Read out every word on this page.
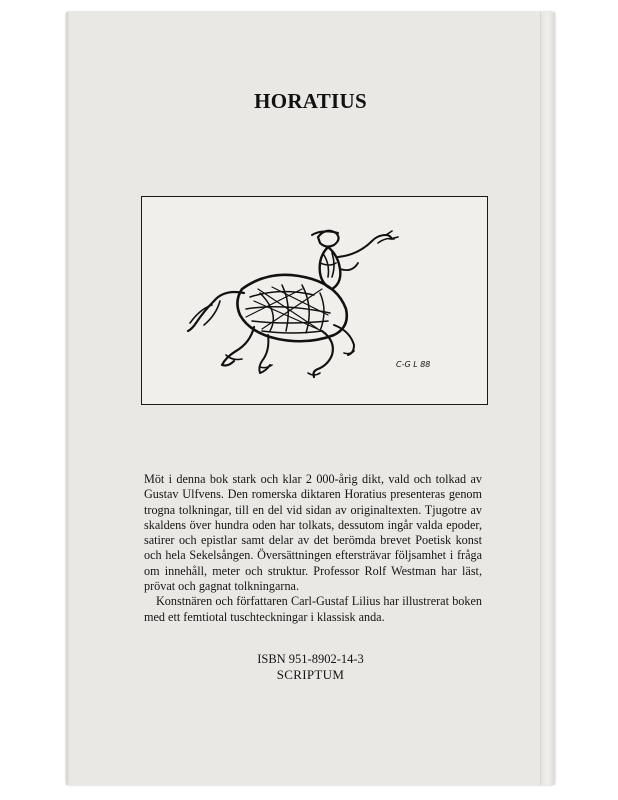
HORATIUS
C-G L 88

Möt i denna bok stark och klar 2 000-årig dikt, vald och tolkad av Gustav Ulfvens. Den romerska diktaren Horatius presenteras genom trogna tolkningar, till en del vid sidan av originaltexten. Tjugotre av skaldens över hundra oden har tolkats, dessutom ingår valda epoder, satirer och epistlar samt delar av det berömda brevet Poetisk konst och hela Sekelsången. Översättningen eftersträvar följsamhet i fråga om innehåll, meter och struktur. Professor Rolf Westman har läst, prövat och gagnat tolkningarna.

Konstnären och författaren Carl-Gustaf Lilius har illustrerat boken med ett femtiotal tuschteckningar i klassisk anda.

ISBN 951-8902-14-3
SCRIPTUM
